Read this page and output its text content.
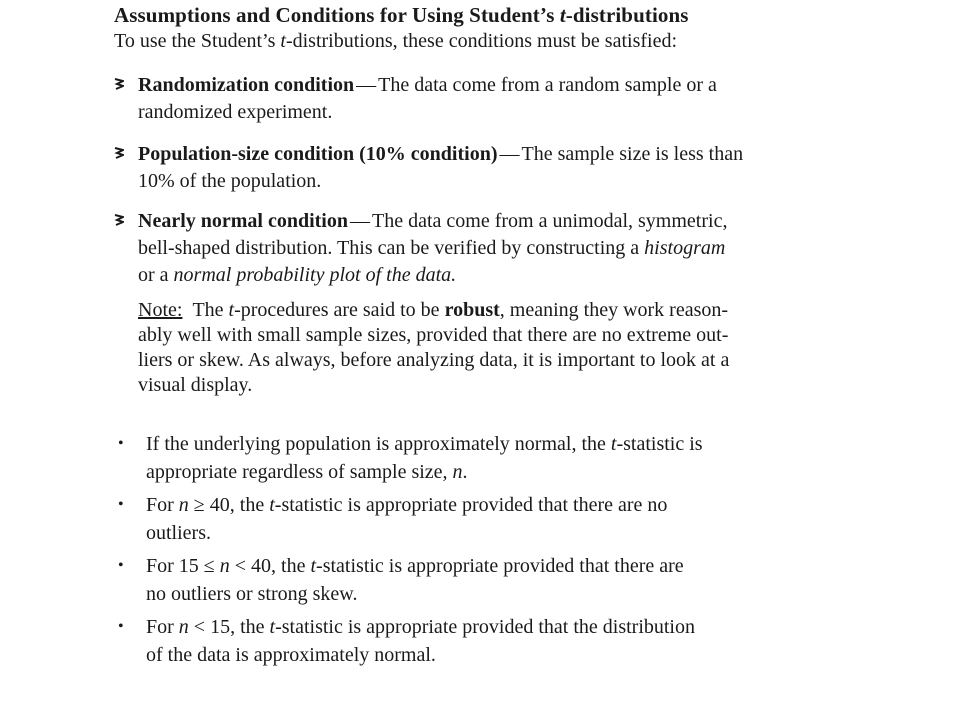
Assumptions and Conditions for Using Student’s t-distributions
To use the Student’s t-distributions, these conditions must be satisfied:
Randomization condition — The data come from a random sample or a
randomized experiment.
Population-size condition (10% condition) — The sample size is less than
10% of the population.
Nearly normal condition — The data come from a unimodal, symmetric,
bell-shaped distribution. This can be verified by constructing a histogram
or a normal probability plot of the data.
Note: The t-procedures are said to be robust, meaning they work reason-
ably well with small sample sizes, provided that there are no extreme out-
liers or skew. As always, before analyzing data, it is important to look at a
visual display.
• If the underlying population is approximately normal, the t-statistic is
appropriate regardless of sample size, n.
• For n ≥ 40, the t-statistic is appropriate provided that there are no
outliers.
• For 15 ≤ n < 40, the t-statistic is appropriate provided that there are
no outliers or strong skew.
• For n < 15, the t-statistic is appropriate provided that the distribution
of the data is approximately normal.
